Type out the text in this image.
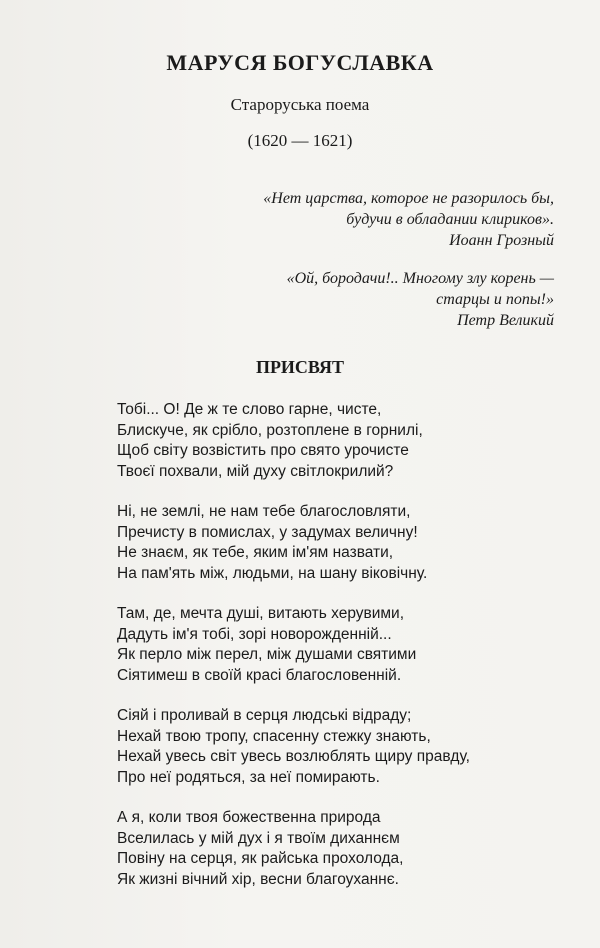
МАРУСЯ БОГУСЛАВКА
Староруська поема
(1620 — 1621)
«Нет царства, которое не разорилось бы,
будучи в обладании клириков».
Иоанн Грозный
«Ой, бородачи!.. Многому злу корень —
старцы и попы!»
Петр Великий
ПРИСВЯТ
Тобі... О! Де ж те слово гарне, чисте,
Блискуче, як срібло, розтоплене в горнилі,
Щоб світу возвістить про свято урочисте
Твоєї похвали, мій духу світлокрилий?
Ні, не землі, не нам тебе благословляти,
Пречисту в помислах, у задумах величну!
Не знаєм, як тебе, яким ім'ям назвати,
На пам'ять між, людьми, на шану віковічну.
Там, де, мечта душі, витають херувими,
Дадуть ім'я тобі, зорі новорожденній...
Як перло між перел, між душами святими
Сіятимеш в своїй красі благословенній.
Сіяй і проливай в серця людські відраду;
Нехай твою тропу, спасенну стежку знають,
Нехай увесь світ увесь возлюблять щиру правду,
Про неї родяться, за неї помирають.
А я, коли твоя божественна природа
Вселилась у мій дух і я твоїм диханнєм
Повіну на серця, як райська прохолода,
Як жизні вічний хір, весни благоуханнє.
